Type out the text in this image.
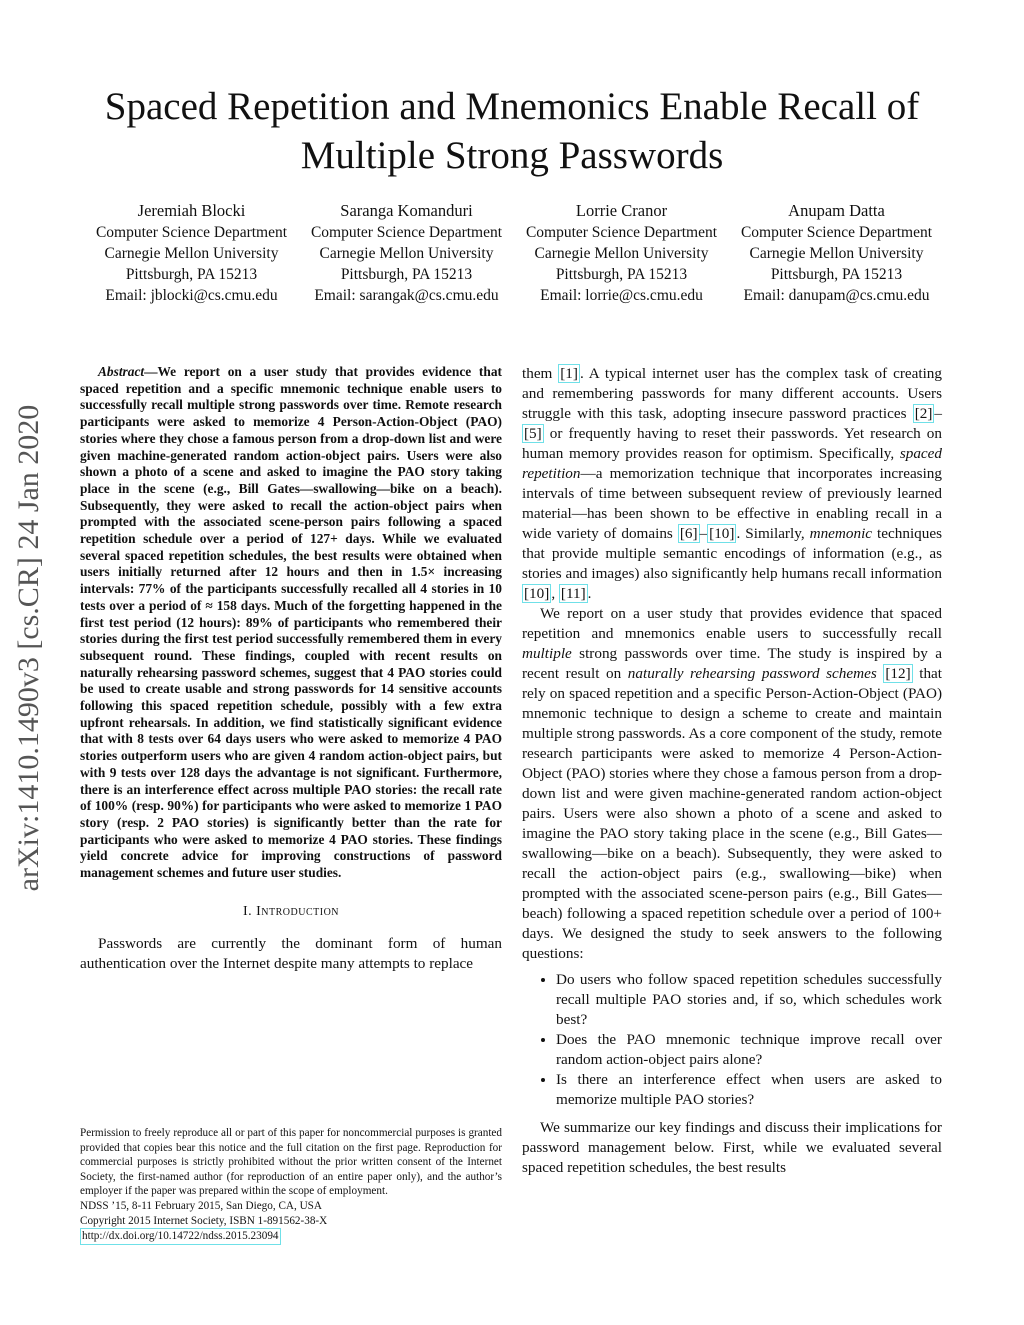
Spaced Repetition and Mnemonics Enable Recall of Multiple Strong Passwords
Jeremiah Blocki
Computer Science Department
Carnegie Mellon University
Pittsburgh, PA 15213
Email: jblocki@cs.cmu.edu
Saranga Komanduri
Computer Science Department
Carnegie Mellon University
Pittsburgh, PA 15213
Email: sarangak@cs.cmu.edu
Lorrie Cranor
Computer Science Department
Carnegie Mellon University
Pittsburgh, PA 15213
Email: lorrie@cs.cmu.edu
Anupam Datta
Computer Science Department
Carnegie Mellon University
Pittsburgh, PA 15213
Email: danupam@cs.cmu.edu
arXiv:1410.1490v3 [cs.CR] 24 Jan 2020

Abstract—We report on a user study that provides evidence that spaced repetition and a specific mnemonic technique enable users to successfully recall multiple strong passwords over time. Remote research participants were asked to memorize 4 Person-Action-Object (PAO) stories where they chose a famous person from a drop-down list and were given machine-generated random action-object pairs. Users were also shown a photo of a scene and asked to imagine the PAO story taking place in the scene (e.g., Bill Gates—swallowing—bike on a beach). Subsequently, they were asked to recall the action-object pairs when prompted with the associated scene-person pairs following a spaced repetition schedule over a period of 127+ days. While we evaluated several spaced repetition schedules, the best results were obtained when users initially returned after 12 hours and then in 1.5× increasing intervals: 77% of the participants successfully recalled all 4 stories in 10 tests over a period of ≈ 158 days. Much of the forgetting happened in the first test period (12 hours): 89% of participants who remembered their stories during the first test period successfully remembered them in every subsequent round. These findings, coupled with recent results on naturally rehearsing password schemes, suggest that 4 PAO stories could be used to create usable and strong passwords for 14 sensitive accounts following this spaced repetition schedule, possibly with a few extra upfront rehearsals. In addition, we find statistically significant evidence that with 8 tests over 64 days users who were asked to memorize 4 PAO stories outperform users who are given 4 random action-object pairs, but with 9 tests over 128 days the advantage is not significant. Furthermore, there is an interference effect across multiple PAO stories: the recall rate of 100% (resp. 90%) for participants who were asked to memorize 1 PAO story (resp. 2 PAO stories) is significantly better than the rate for participants who were asked to memorize 4 PAO stories. These findings yield concrete advice for improving constructions of password management schemes and future user studies.

I. Introduction

Passwords are currently the dominant form of human authentication over the Internet despite many attempts to replace

them [1] . A typical internet user has the complex task of creating and remembering passwords for many different accounts. Users struggle with this task, adopting insecure password practices [2] –[5] or frequently having to reset their passwords. Yet research on human memory provides reason for optimism. Specifically, spaced repetition—a memorization technique that incorporates increasing intervals of time between subsequent review of previously learned material—has been shown to be effective in enabling recall in a wide variety of domains [6] – [10] . Similarly, mnemonic techniques that provide multiple semantic encodings of information (e.g., as stories and images) also significantly help humans recall information [10] , [11] .

We report on a user study that provides evidence that spaced repetition and mnemonics enable users to successfully recall multiple strong passwords over time. The study is inspired by a recent result on naturally rehearsing password schemes [12] that rely on spaced repetition and a specific Person-Action-Object (PAO) mnemonic technique to design a scheme to create and maintain multiple strong passwords. As a core component of the study, remote research participants were asked to memorize 4 Person-Action-Object (PAO) stories where they chose a famous person from a drop-down list and were given machine-generated random action-object pairs. Users were also shown a photo of a scene and asked to imagine the PAO story taking place in the scene (e.g., Bill Gates—swallowing—bike on a beach). Subsequently, they were asked to recall the action-object pairs (e.g., swallowing—bike) when prompted with the associated scene-person pairs (e.g., Bill Gates—beach) following a spaced repetition schedule over a period of 100+ days. We designed the study to seek answers to the following questions:

• Do users who follow spaced repetition schedules successfully recall multiple PAO stories and, if so, which schedules work best?
• Does the PAO mnemonic technique improve recall over random action-object pairs alone?
• Is there an interference effect when users are asked to memorize multiple PAO stories?

We summarize our key findings and discuss their implications for password management below. First, while we evaluated several spaced repetition schedules, the best results

Permission to freely reproduce all or part of this paper for noncommercial purposes is granted provided that copies bear this notice and the full citation on the first page. Reproduction for commercial purposes is strictly prohibited without the prior written consent of the Internet Society, the first-named author (for reproduction of an entire paper only), and the author’s employer if the paper was prepared within the scope of employment.
NDSS ’15, 8-11 February 2015, San Diego, CA, USA
Copyright 2015 Internet Society, ISBN 1-891562-38-X
http://dx.doi.org/10.14722/ndss.2015.23094
